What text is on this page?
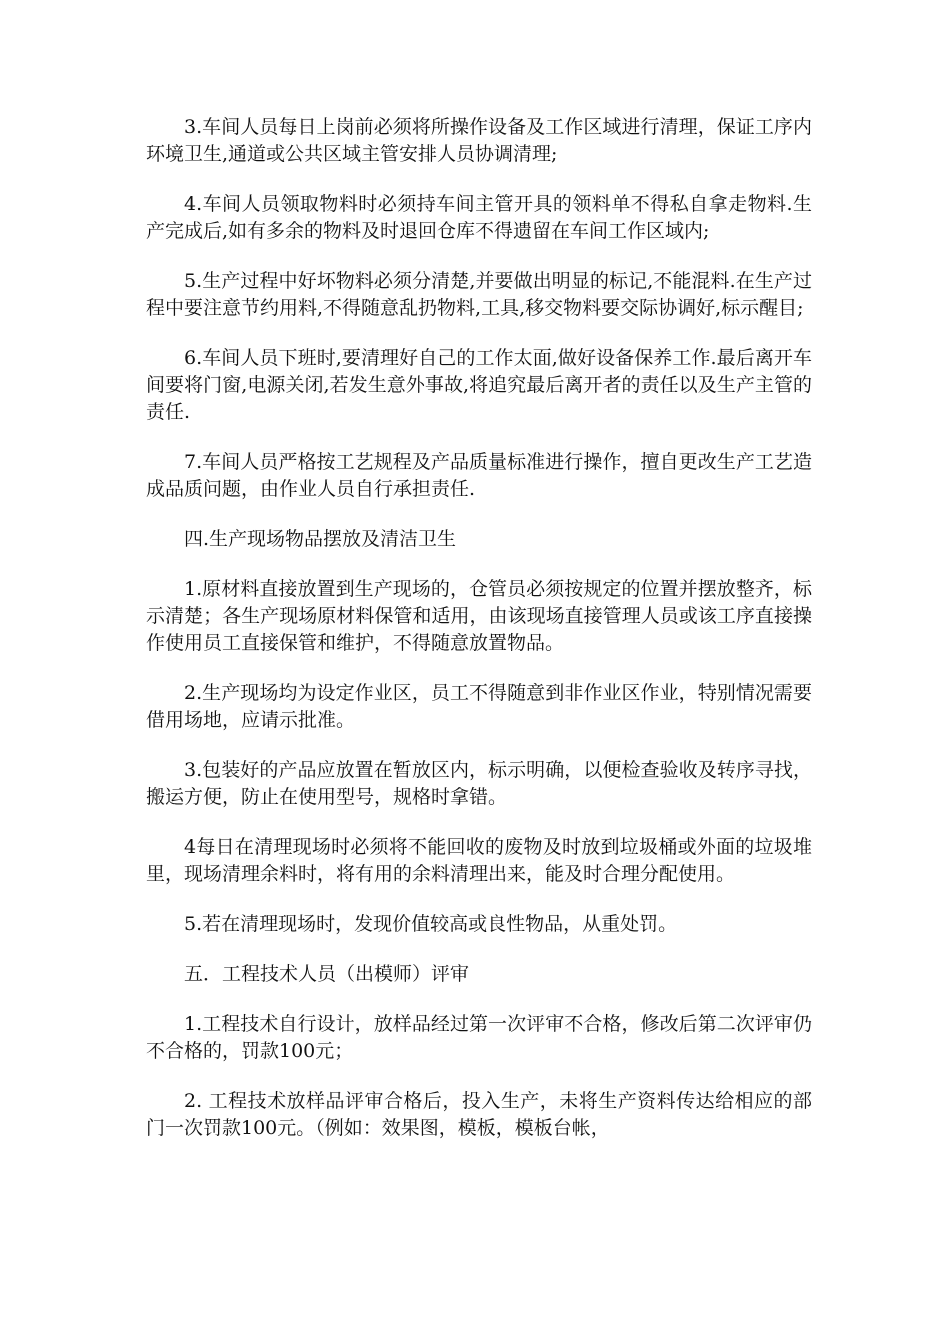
3.车间人员每日上岗前必须将所操作设备及工作区域进行清理，保证工序内环境卫生,通道或公共区域主管安排人员协调清理;

4.车间人员领取物料时必须持车间主管开具的领料单不得私自拿走物料.生产完成后,如有多余的物料及时退回仓库不得遗留在车间工作区域内;

5.生产过程中好坏物料必须分清楚,并要做出明显的标记,不能混料.在生产过程中要注意节约用料,不得随意乱扔物料,工具,移交物料要交际协调好,标示醒目;

6.车间人员下班时,要清理好自己的工作太面,做好设备保养工作.最后离开车间要将门窗,电源关闭,若发生意外事故,将追究最后离开者的责任以及生产主管的责任.

7.车间人员严格按工艺规程及产品质量标准进行操作，擅自更改生产工艺造成品质问题，由作业人员自行承担责任.

四.生产现场物品摆放及清洁卫生

1.原材料直接放置到生产现场的，仓管员必须按规定的位置并摆放整齐，标示清楚；各生产现场原材料保管和适用，由该现场直接管理人员或该工序直接操作使用员工直接保管和维护，不得随意放置物品。

2.生产现场均为设定作业区，员工不得随意到非作业区作业，特别情况需要借用场地，应请示批准。

3.包装好的产品应放置在暂放区内，标示明确，以便检查验收及转序寻找，搬运方便，防止在使用型号，规格时拿错。

4每日在清理现场时必须将不能回收的废物及时放到垃圾桶或外面的垃圾堆里，现场清理余料时，将有用的余料清理出来，能及时合理分配使用。

5.若在清理现场时，发现价值较高或良性物品，从重处罚。

五．工程技术人员（出模师）评审

1.工程技术自行设计，放样品经过第一次评审不合格，修改后第二次评审仍不合格的，罚款100元；

2. 工程技术放样品评审合格后，投入生产，未将生产资料传达给相应的部门一次罚款100元。（例如：效果图，模板，模板台帐，
